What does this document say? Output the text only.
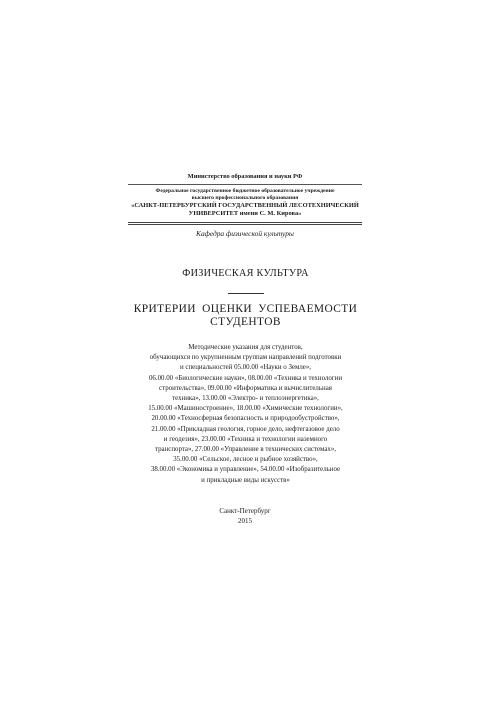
Министерство образования и науки РФ

Федеральное государственное бюджетное образовательное учреждение

высшего профессионального образования

«САНКТ-ПЕТЕРБУРГСКИЙ ГОСУДАРСТВЕННЫЙ ЛЕСОТЕХНИЧЕСКИЙ

УНИВЕРСИТЕТ имени С. М. Кирова»

Кафедра физической культуры

ФИЗИЧЕСКАЯ КУЛЬТУРА

КРИТЕРИИ ОЦЕНКИ УСПЕВАЕМОСТИ

СТУДЕНТОВ

Методические указания для студентов,
обучающихся по укрупненным группам направлений подготовки
и специальностей 05.00.00 «Науки о Земле»,
06.00.00 «Биологические науки», 08.00.00 «Техника и технологии
строительства», 09.00.00 «Информатика и вычислительная
техника», 13.00.00 «Электро- и теплоэнергетика»,
15.00.00 «Машиностроение», 18.00.00 «Химические технологии»,
20.00.00 «Техносферная безопасность и природообустройство»,
21.00.00 «Прикладная геология, горное дело, нефтегазовое дело
и геодезия», 23.00.00 «Техника и технологии наземного
транспорта», 27.00.00 «Управление в технических системах»,
35.00.00 «Сельское, лесное и рыбное хозяйство»,
38.00.00 «Экономика и управление», 54.00.00 «Изобразительное
и прикладные виды искусств»
Санкт-Петербург
2015
